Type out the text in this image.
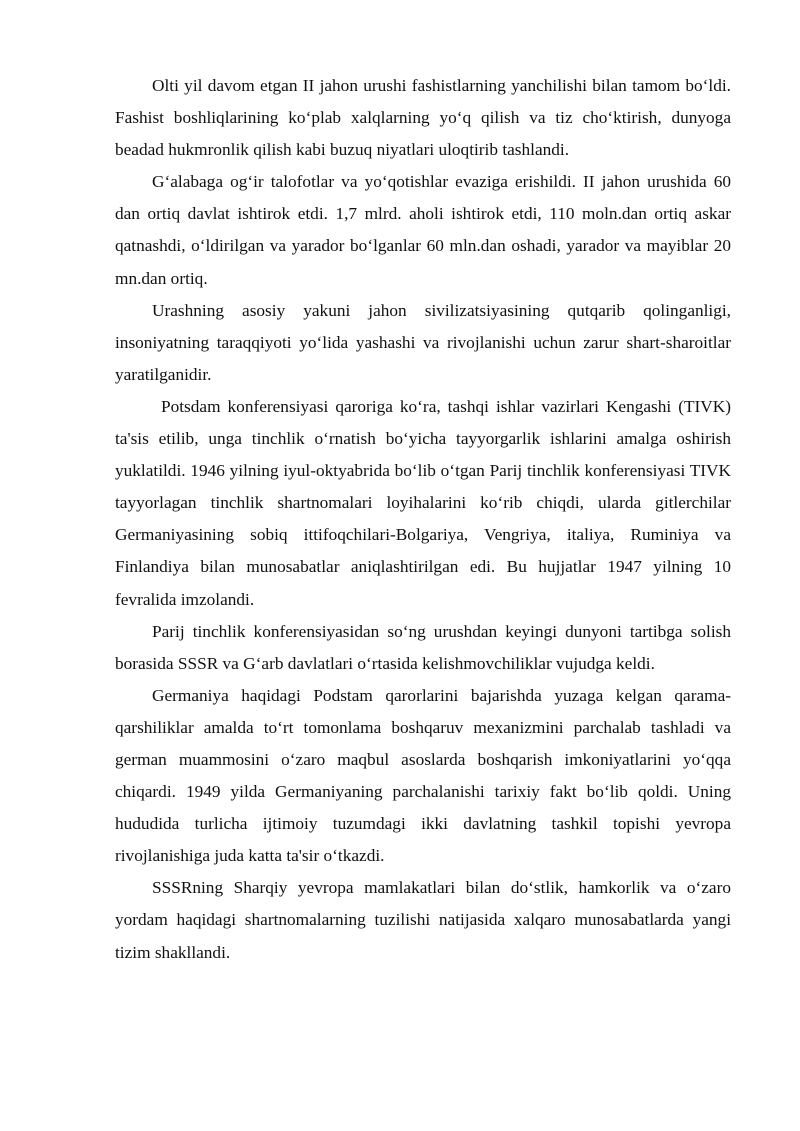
Olti yil davom etgan II jahon urushi fashistlarning yanchilishi bilan tamom boʻldi. Fashist boshliqlarining koʻplab xalqlarning yoʻq qilish va tiz choʻktirish, dunyoga beadad hukmronlik qilish kabi buzuq niyatlari uloqtirib tashlandi.

Gʻalabaga ogʻir talofotlar va yoʻqotishlar evaziga erishildi. II jahon urushida 60 dan ortiq davlat ishtirok etdi. 1,7 mlrd. aholi ishtirok etdi, 110 moln.dan ortiq askar qatnashdi, oʻldirilgan va yarador boʻlganlar 60 mln.dan oshadi, yarador va mayiblar 20 mn.dan ortiq.

Urashning asosiy yakuni jahon sivilizatsiyasining qutqarib qolinganligi, insoniyatning taraqqiyoti yoʻlida yashashi va rivojlanishi uchun zarur shart-sharoitlar yaratilganidir.

Potsdam konferensiyasi qaroriga koʻra, tashqi ishlar vazirlari Kengashi (TIVK) ta'sis etilib, unga tinchlik oʻrnatish boʻyicha tayyorgarlik ishlarini amalga oshirish yuklatildi. 1946 yilning iyul-oktyabrida boʻlib oʻtgan Parij tinchlik konferensiyasi TIVK tayyorlagan tinchlik shartnomalari loyihalarini koʻrib chiqdi, ularda gitlerchilar Germaniyasining sobiq ittifoqchilari-Bolgariya, Vengriya, italiya, Ruminiya va Finlandiya bilan munosabatlar aniqlashtirilgan edi. Bu hujjatlar 1947 yilning 10 fevralida imzolandi.

Parij tinchlik konferensiyasidan soʻng urushdan keyingi dunyoni tartibga solish borasida SSSR va Gʻarb davlatlari oʻrtasida kelishmovchiliklar vujudga keldi.

Germaniya haqidagi Podstam qarorlarini bajarishda yuzaga kelgan qarama-qarshiliklar amalda toʻrt tomonlama boshqaruv mexanizmini parchalab tashladi va german muammosini oʻzaro maqbul asoslarda boshqarish imkoniyatlarini yoʻqqa chiqardi. 1949 yilda Germaniyaning parchalanishi tarixiy fakt boʻlib qoldi. Uning hududida turlicha ijtimoiy tuzumdagi ikki davlatning tashkil topishi yevropa rivojlanishiga juda katta ta'sir oʻtkazdi.

SSSRning Sharqiy yevropa mamlakatlari bilan doʻstlik, hamkorlik va oʻzaro yordam haqidagi shartnomalarning tuzilishi natijasida xalqaro munosabatlarda yangi tizim shakllandi.
